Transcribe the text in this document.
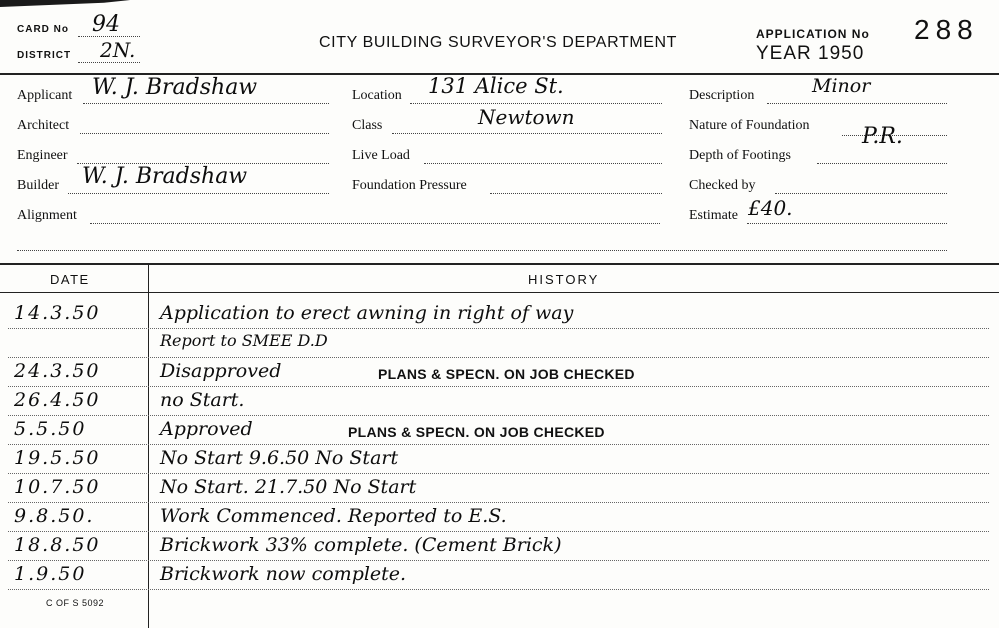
CARD No 94
DISTRICT 2N.	CITY BUILDING SURVEYOR'S DEPARTMENT	APPLICATION No 288
YEAR 1950
Applicant W. J. Bradshaw
Architect
Engineer
Builder W. J. Bradshaw
Alignment
Location 131 Alice St.
Class	Newtown
Live Load
Foundation Pressure
Description	Minor
Nature of Foundation P.R.
Depth of Footings
Checked by
Estimate £40.
DATE	HISTORY
14.3.50	Application to erect awning in right of way
Report to SMEE D.D
24.3.50	Disapproved	PLANS & SPECN. ON JOB CHECKED
26.4.50	no Start.
5.5.50	Approved	PLANS & SPECN. ON JOB CHECKED
19.5.50	No Start 9.6.50 No Start
10.7.50	No Start. 21.7.50 No Start
9.8.50.	Work Commenced. Reported to E.S.
18.8.50	Brickwork 33% complete. (Cement Brick)
1.9.50	Brickwork now complete.
C OF S 5092
